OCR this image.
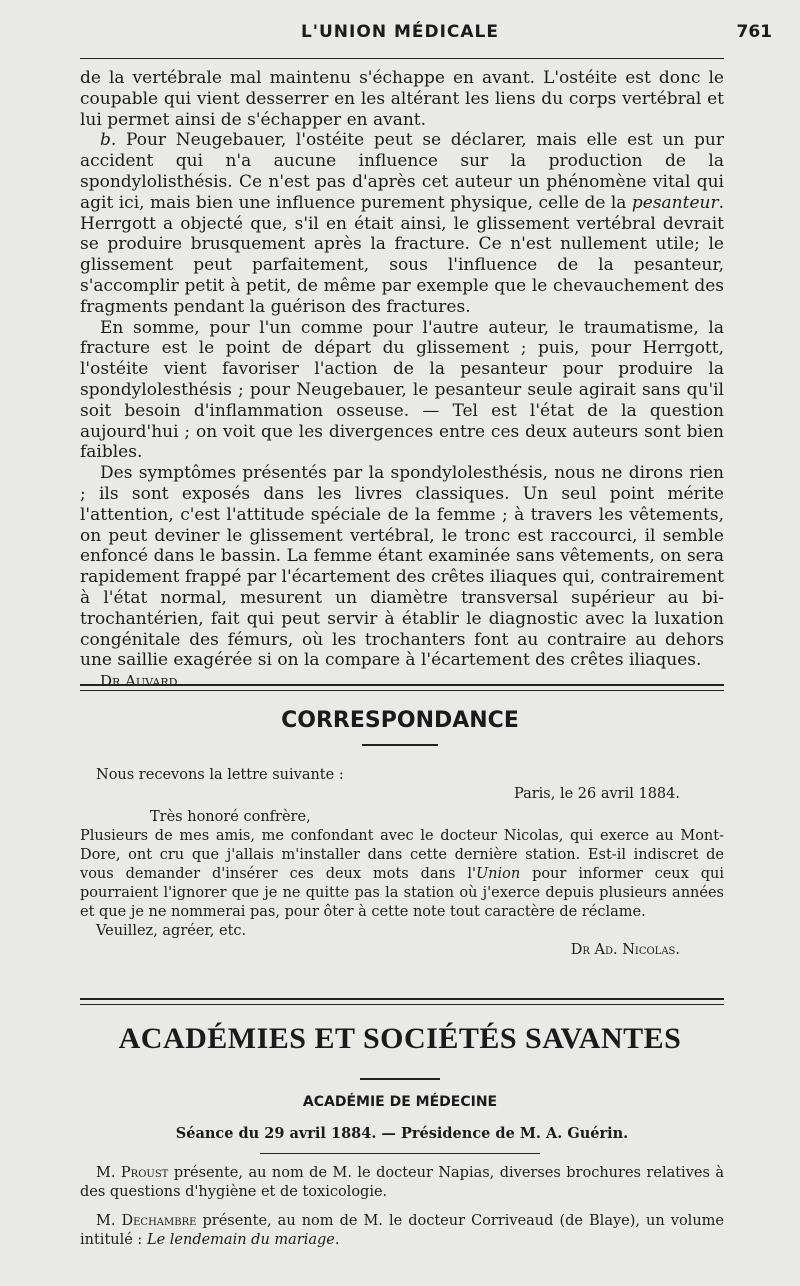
L'UNION MÉDICALE	761

de la vertébrale mal maintenu s'échappe en avant. L'ostéite est donc le coupable qui vient desserrer en les altérant les liens du corps vertébral et lui permet ainsi de s'échapper en avant.

b. Pour Neugebauer, l'ostéite peut se déclarer, mais elle est un pur accident qui n'a aucune influence sur la production de la spondylolisthésis. Ce n'est pas d'après cet auteur un phénomène vital qui agit ici, mais bien une influence purement physique, celle de la pesanteur. Herrgott a objecté que, s'il en était ainsi, le glissement vertébral devrait se produire brusquement après la fracture. Ce n'est nullement utile; le glissement peut parfaitement, sous l'influence de la pesanteur, s'accomplir petit à petit, de même par exemple que le chevauchement des fragments pendant la guérison des fractures.

En somme, pour l'un comme pour l'autre auteur, le traumatisme, la fracture est le point de départ du glissement ; puis, pour Herrgott, l'ostéite vient favoriser l'action de la pesanteur pour produire la spondylolesthésis ; pour Neugebauer, le pesanteur seule agirait sans qu'il soit besoin d'inflammation osseuse. — Tel est l'état de la question aujourd'hui ; on voit que les divergences entre ces deux auteurs sont bien faibles.

Des symptômes présentés par la spondylolesthésis, nous ne dirons rien ; ils sont exposés dans les livres classiques. Un seul point mérite l'attention, c'est l'attitude spéciale de la femme ; à travers les vêtements, on peut deviner le glissement vertébral, le tronc est raccourci, il semble enfoncé dans le bassin. La femme étant examinée sans vêtements, on sera rapidement frappé par l'écartement des crêtes iliaques qui, contrairement à l'état normal, mesurent un diamètre transversal supérieur au bi-trochantérien, fait qui peut servir à établir le diagnostic avec la luxation congénitale des fémurs, où les trochanters font au contraire au dehors une saillie exagérée si on la compare à l'écartement des crêtes iliaques.

Dr Auvard.

CORRESPONDANCE

Nous recevons la lettre suivante :

Paris, le 26 avril 1884.

Très honoré confrère,

Plusieurs de mes amis, me confondant avec le docteur Nicolas, qui exerce au Mont-Dore, ont cru que j'allais m'installer dans cette dernière station. Est-il indiscret de vous demander d'insérer ces deux mots dans l'Union pour informer ceux qui pourraient l'ignorer que je ne quitte pas la station où j'exerce depuis plusieurs années et que je ne nommerai pas, pour ôter à cette note tout caractère de réclame.

Veuillez, agréer, etc.

Dr Ad. Nicolas.

ACADÉMIES ET SOCIÉTÉS SAVANTES
ACADÉMIE DE MÉDECINE

Séance du 29 avril 1884. — Présidence de M. A. Guérin.

M. Proust présente, au nom de M. le docteur Napias, diverses brochures relatives à des questions d'hygiène et de toxicologie.

M. Dechambre présente, au nom de M. le docteur Corriveaud (de Blaye), un volume intitulé : Le lendemain du mariage.
